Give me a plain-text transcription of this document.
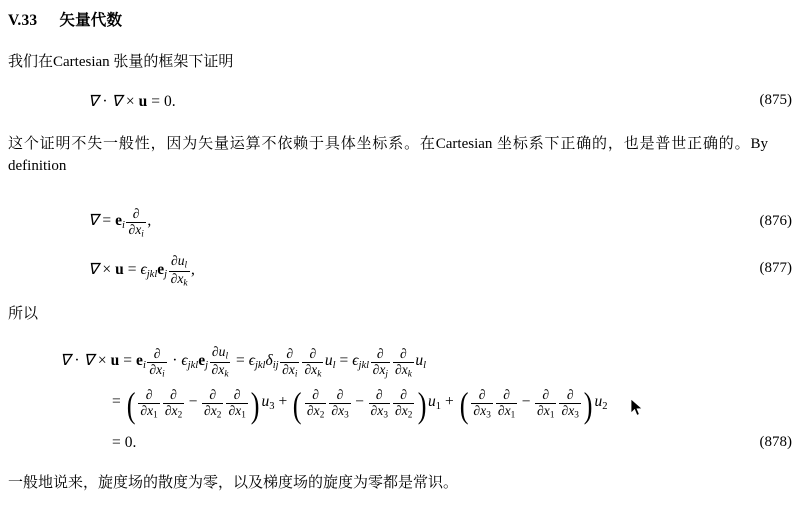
V.33 矢量代数
我们在Cartesian 张量的框架下证明
∇ · ∇ × u = 0.	(875)
这个证明不失一般性，因为矢量运算不依赖于具体坐标系。在Cartesian 坐标系下正确的，也是普世正确的。By definition
∇ = $e_i \frac{\partial}{\partial x_i}$ ,	(876)
∇ × $u = \epsilon_{jkl}e_j \frac{\partial u_l}{\partial x_k}$ ,	(877)
所以
∇ · ∇ × $u = e_i \frac{\partial}{\partial x_i} \cdot \epsilon_{jkl}e_j \frac{\partial u_l}{\partial x_k} = \epsilon_{jkl}\delta_{ij} \frac{\partial}{\partial x_i} \frac{\partial}{\partial x_k} u_l = \epsilon_{jkl} \frac{\partial}{\partial x_j} \frac{\partial}{\partial x_k} u_l$
= ( $\frac{\partial}{\partial x1} \frac{\partial}{\partial x2} - \frac{\partial}{\partial x2} \frac{\partial}{\partial x1}$ ) u3 + ( $\frac{\partial}{\partial x2} \frac{\partial}{\partial x3} - \frac{\partial}{\partial x3} \frac{\partial}{\partial x2}$ ) u1 + ( $\frac{\partial}{\partial x3} \frac{\partial}{\partial x1} - \frac{\partial}{\partial x1} \frac{\partial}{\partial x3}$ ) u2
= 0.	(878)
一般地说来，旋度场的散度为零，以及梯度场的旋度为零都是常识。
